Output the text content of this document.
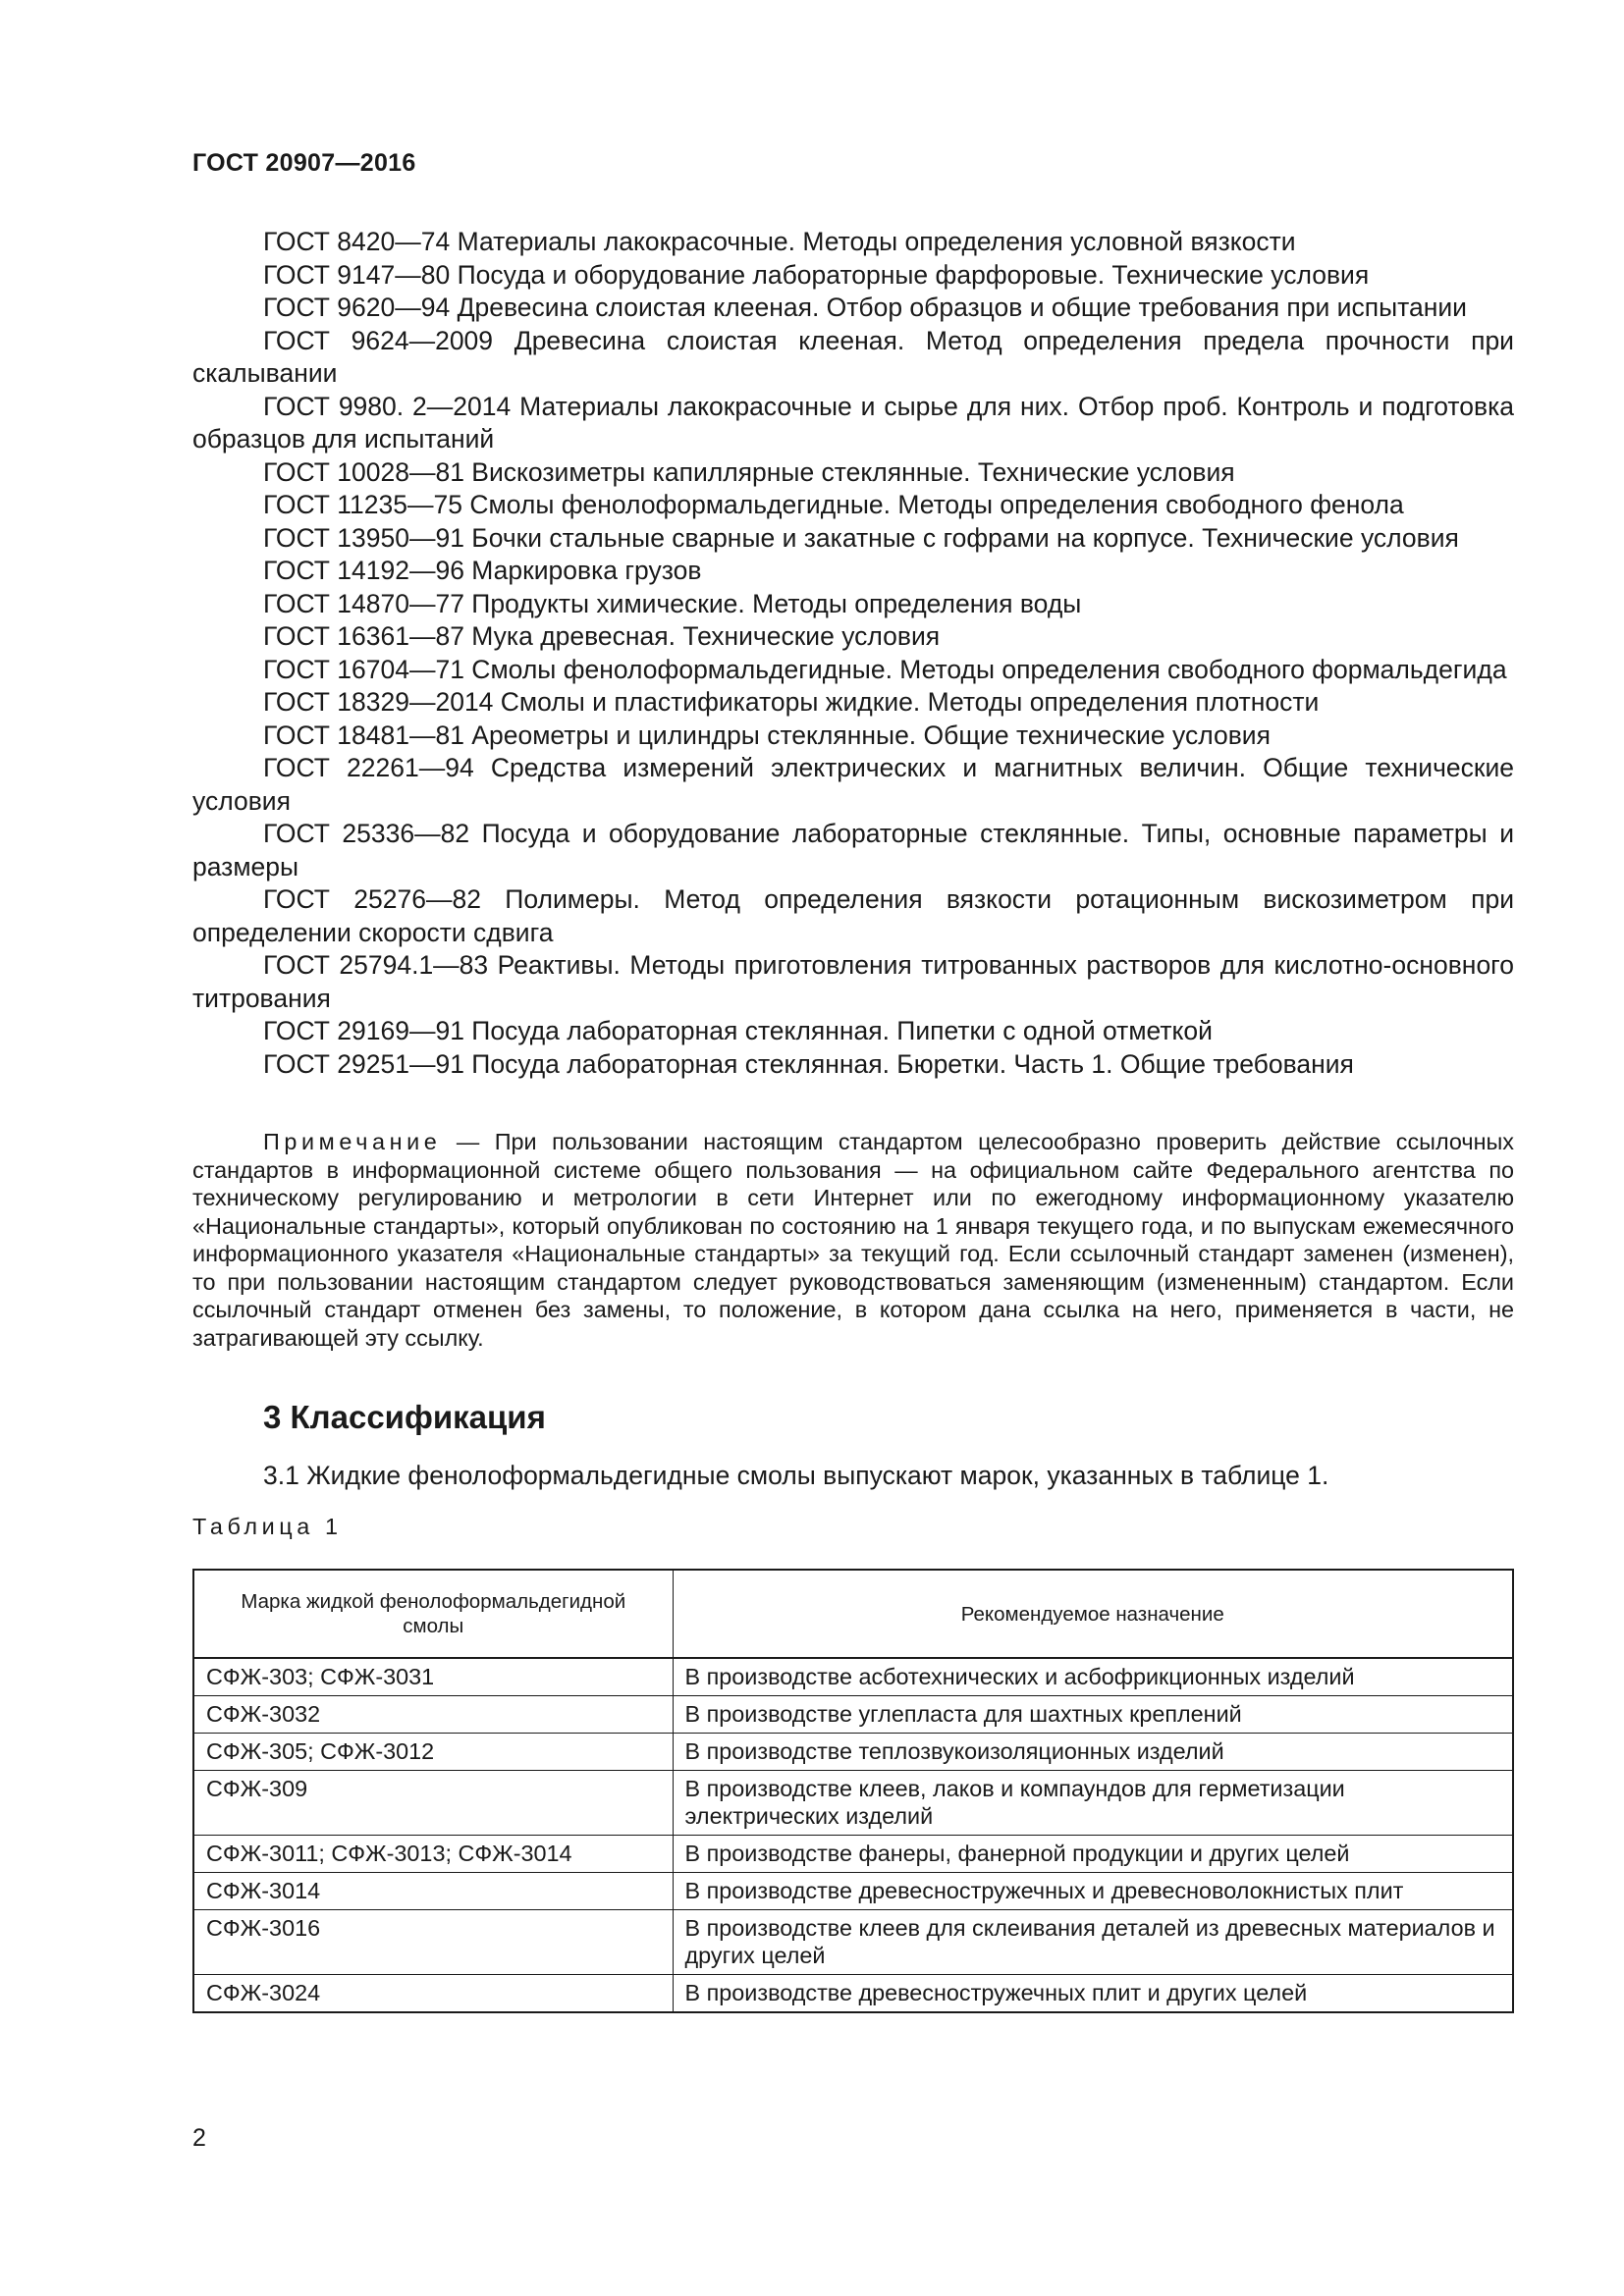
ГОСТ 20907—2016

ГОСТ 8420—74 Материалы лакокрасочные. Методы определения условной вязкости

ГОСТ 9147—80 Посуда и оборудование лабораторные фарфоровые. Технические условия

ГОСТ 9620—94 Древесина слоистая клееная. Отбор образцов и общие требования при испытании

ГОСТ 9624—2009 Древесина слоистая клееная. Метод определения предела прочности при скалывании

ГОСТ 9980. 2—2014 Материалы лакокрасочные и сырье для них. Отбор проб. Контроль и подготовка образцов для испытаний

ГОСТ 10028—81 Вискозиметры капиллярные стеклянные. Технические условия

ГОСТ 11235—75 Смолы фенолоформальдегидные. Методы определения свободного фенола

ГОСТ 13950—91 Бочки стальные сварные и закатные с гофрами на корпусе. Технические условия

ГОСТ 14192—96 Маркировка грузов

ГОСТ 14870—77 Продукты химические. Методы определения воды

ГОСТ 16361—87 Мука древесная. Технические условия

ГОСТ 16704—71 Смолы фенолоформальдегидные. Методы определения свободного формальдегида

ГОСТ 18329—2014 Смолы и пластификаторы жидкие. Методы определения плотности

ГОСТ 18481—81 Ареометры и цилиндры стеклянные. Общие технические условия

ГОСТ 22261—94 Средства измерений электрических и магнитных величин. Общие технические условия

ГОСТ 25336—82 Посуда и оборудование лабораторные стеклянные. Типы, основные параметры и размеры

ГОСТ 25276—82 Полимеры. Метод определения вязкости ротационным вискозиметром при определении скорости сдвига

ГОСТ 25794.1—83 Реактивы. Методы приготовления титрованных растворов для кислотно-основного титрования

ГОСТ 29169—91 Посуда лабораторная стеклянная. Пипетки с одной отметкой

ГОСТ 29251—91 Посуда лабораторная стеклянная. Бюретки. Часть 1. Общие требования

Примечание — При пользовании настоящим стандартом целесообразно проверить действие ссылочных стандартов в информационной системе общего пользования — на официальном сайте Федерального агентства по техническому регулированию и метрологии в сети Интернет или по ежегодному информационному указателю «Национальные стандарты», который опубликован по состоянию на 1 января текущего года, и по выпускам ежемесячного информационного указателя «Национальные стандарты» за текущий год. Если ссылочный стандарт заменен (изменен), то при пользовании настоящим стандартом следует руководствоваться заменяющим (измененным) стандартом. Если ссылочный стандарт отменен без замены, то положение, в котором дана ссылка на него, применяется в части, не затрагивающей эту ссылку.

3 Классификация
3.1 Жидкие фенолоформальдегидные смолы выпускают марок, указанных в таблице 1.
Таблица 1
Марка жидкой фенолоформальдегидной смолы	Рекомендуемое назначение
СФЖ-303; СФЖ-3031	В производстве асботехнических и асбофрикционных изделий
СФЖ-3032	В производстве углепласта для шахтных креплений
СФЖ-305; СФЖ-3012	В производстве теплозвукоизоляционных изделий
СФЖ-309	В производстве клеев, лаков и компаундов для герметизации электрических изделий
СФЖ-3011; СФЖ-3013; СФЖ-3014	В производстве фанеры, фанерной продукции и других целей
СФЖ-3014	В производстве древесностружечных и древесноволокнистых плит
СФЖ-3016	В производстве клеев для склеивания деталей из древесных материалов и других целей
СФЖ-3024	В производстве древесностружечных плит и других целей
2
